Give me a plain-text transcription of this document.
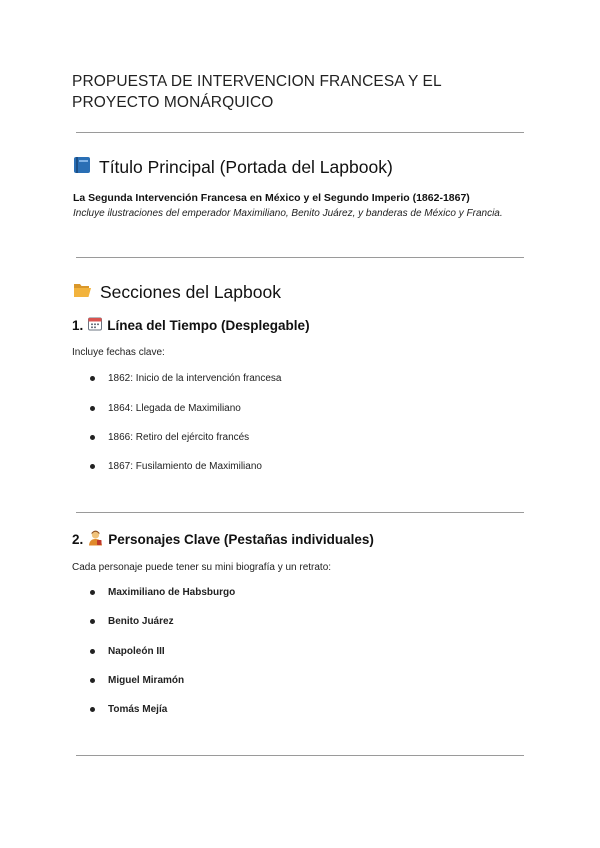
PROPUESTA DE INTERVENCION FRANCESA Y EL PROYECTO MONÁRQUICO
Título Principal (Portada del Lapbook)
La Segunda Intervención Francesa en México y el Segundo Imperio (1862-1867)
Incluye ilustraciones del emperador Maximiliano, Benito Juárez, y banderas de México y Francia.
Secciones del Lapbook
1. Línea del Tiempo (Desplegable)
Incluye fechas clave:
1862: Inicio de la intervención francesa
1864: Llegada de Maximiliano
1866: Retiro del ejército francés
1867: Fusilamiento de Maximiliano
2. Personajes Clave (Pestañas individuales)
Cada personaje puede tener su mini biografía y un retrato:
Maximiliano de Habsburgo
Benito Juárez
Napoleón III
Miguel Miramón
Tomás Mejía
